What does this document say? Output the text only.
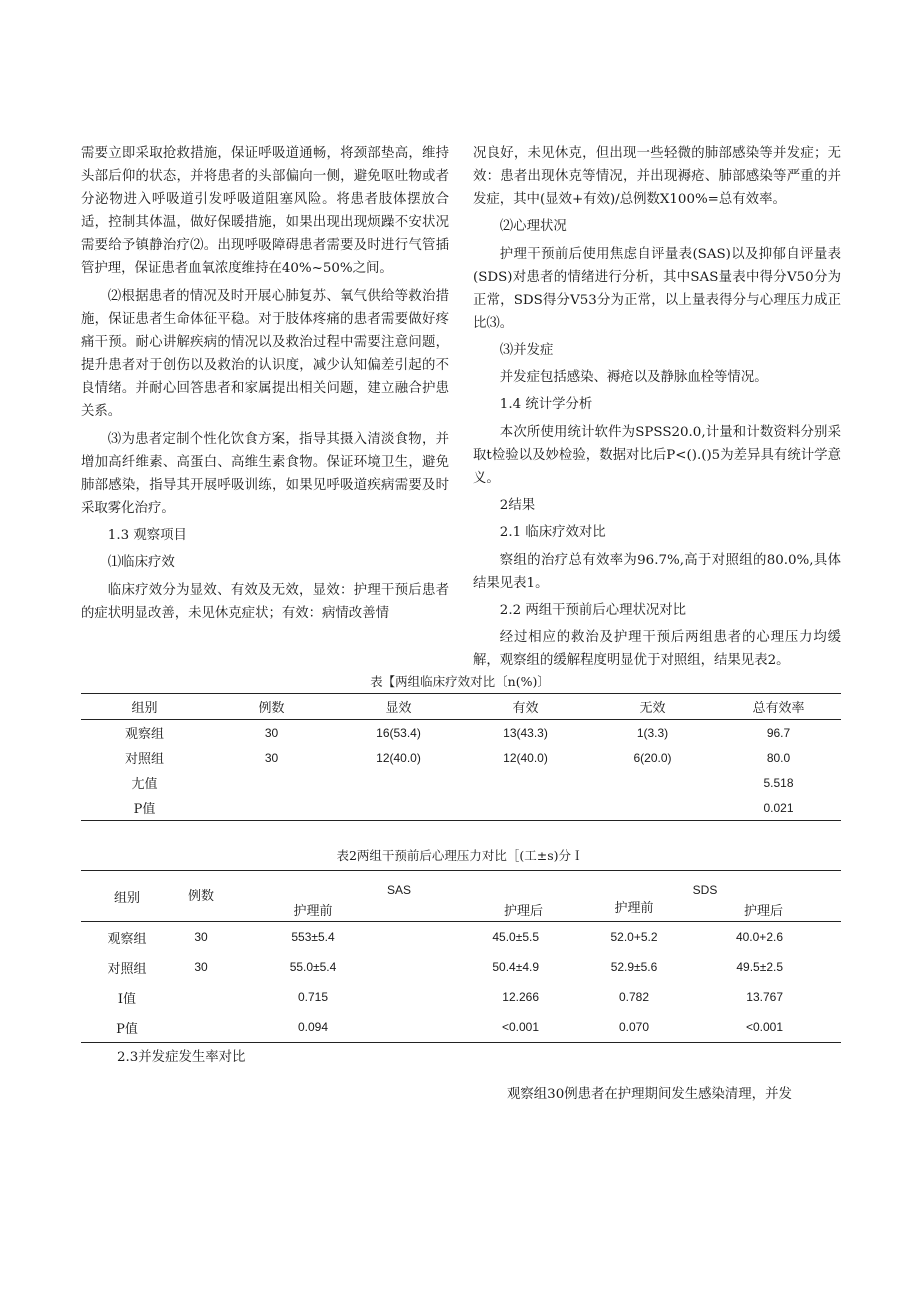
需要立即采取抢救措施，保证呼吸道通畅，将颈部垫高，维持头部后仰的状态，并将患者的头部偏向一侧，避免呕吐物或者分泌物进入呼吸道引发呼吸道阻塞风险。将患者肢体摆放合适，控制其体温，做好保暖措施，如果出现出现烦躁不安状况需要给予镇静治疗⑵。出现呼吸障碍患者需要及时进行气管插管护理，保证患者血氧浓度维持在40%~50%之间。

⑵根据患者的情况及时开展心肺复苏、氧气供给等救治措施，保证患者生命体征平稳。对于肢体疼痛的患者需要做好疼痛干预。耐心讲解疾病的情况以及救治过程中需要注意问题，提升患者对于创伤以及救治的认识度，减少认知偏差引起的不良情绪。并耐心回答患者和家属提出相关问题，建立融合护患关系。

⑶为患者定制个性化饮食方案，指导其摄入清淡食物，并增加高纤维素、高蛋白、高维生素食物。保证环境卫生，避免肺部感染，指导其开展呼吸训练，如果见呼吸道疾病需要及时采取雾化治疗。

1.3 观察项目

⑴临床疗效

临床疗效分为显效、有效及无效，显效：护理干预后患者的症状明显改善，未见休克症状；有效：病情改善情

况良好，未见休克，但出现一些轻微的肺部感染等并发症；无效：患者出现休克等情况，并出现褥疮、肺部感染等严重的并发症，其中(显效+有效)/总例数X100%=总有效率。

⑵心理状况

护理干预前后使用焦虑自评量表(SAS)以及抑郁自评量表(SDS)对患者的情绪进行分析，其中SAS量表中得分V50分为正常，SDS得分V53分为正常，以上量表得分与心理压力成正比⑶。

⑶并发症

并发症包括感染、褥疮以及静脉血栓等情况。

1.4 统计学分析

本次所使用统计软件为SPSS20.0,计量和计数资料分别采取t检验以及妙检验，数据对比后P<().()5为差异具有统计学意义。

2结果

2.1 临床疗效对比

察组的治疗总有效率为96.7%,高于对照组的80.0%,具体结果见表1。

2.2 两组干预前后心理状况对比

经过相应的救治及护理干预后两组患者的心理压力均缓解，观察组的缓解程度明显优于对照组，结果见表2。

表【两组临床疗效对比〔n(%)〕
组别	例数	显效	有效	无效	总有效率
观察组	30	16(53.4)	13(43.3)	1(3.3)	96.7
对照组	30	12(40.0)	12(40.0)	6(20.0)	80.0
尢值					5.518
P值					0.021
表2两组干预前后心理压力对比［(工±s)分Ｉ
组别	例数	SAS		SDS	
		护理前	护理后	护理前	护理后
观察组	30	553±5.4	45.0±5.5	52.0+5.2	40.0+2.6
对照组	30	55.0±5.4	50.4±4.9	52.9±5.6	49.5±2.5
I值		0.715	12.266	0.782	13.767
P值		0.094	<0.001	0.070	<0.001
2.3并发症发生率对比
观察组30例患者在护理期间发生感染清理，并发
